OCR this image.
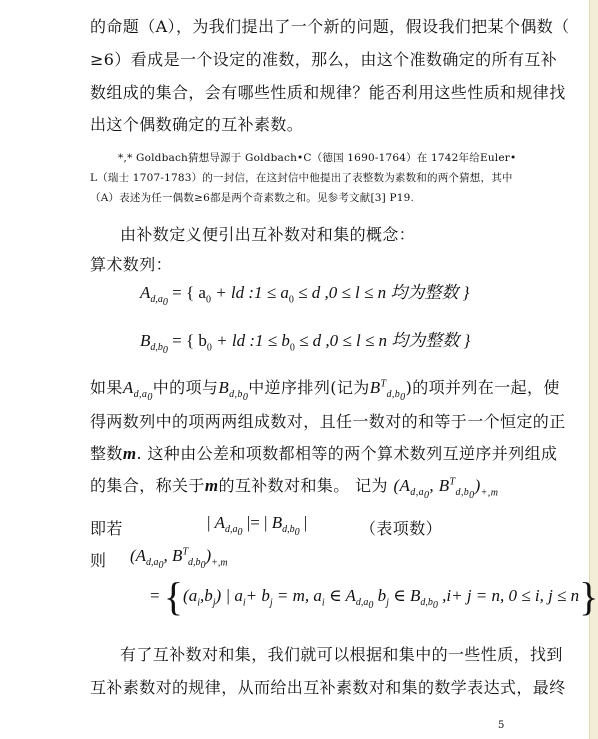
的命题（A），为我们提出了一个新的问题，假设我们把某个偶数（
≥6）看成是一个设定的准数，那么，由这个准数确定的所有互补
数组成的集合，会有哪些性质和规律？能否利用这些性质和规律找
出这个偶数确定的互补素数。
*,* Goldbach猜想导源于 Goldbach•C（德国 1690-1764）在 1742年给Euler•
L（瑞士 1707-1783）的一封信，在这封信中他提出了表整数为素数和的两个猜想，其中
（A）表述为任一偶数≥6都是两个奇素数之和。见参考文献[3] P19.
由补数定义便引出互补数对和集的概念：
算术数列：
$A_{d,a_0}$ = { $a_0$ + ld :1 ≤ $a_0 \le d$ ,0 ≤ l ≤ n 均为整数 }
$B_{d,b_0}$ = { $b_0$ + ld :1 ≤ $b_0 \le d$ ,0 ≤ l ≤ n 均为整数 }
如果$A_{d,a_0}$中的项与$B_{d,b_0}$中逆序排列(记为$B^T_{d,b_0}$)的项并列在一起，使
得两数列中的项两两组成数对，且任一数对的和等于一个恒定的正
整数m. 这种由公差和项数都相等的两个算术数列互逆序并列组成
的集合，称关于m的互补数对和集。 记为 ($A_{d,a_0}$, $B^T_{d,b_0})_{+,m}$
即若	| $A_{d,a_0}$ |= | $B_{d,b_0}$ |	（表项数）
则 ($A_{d,a_0}$, $B^T_{d,b_0})_{+,m}$
= {$(a_i,b_j)$ | $a_i+ b_j = m$, $a_i$ ∈ $A_{d,a_0}$ $b_j$ ∈ $B_{d,b_0}$ ,i+ j = n, 0 ≤ i, j ≤ n}
有了互补数对和集，我们就可以根据和集中的一些性质，找到
互补素数对的规律，从而给出互补素数对和集的数学表达式，最终
5
